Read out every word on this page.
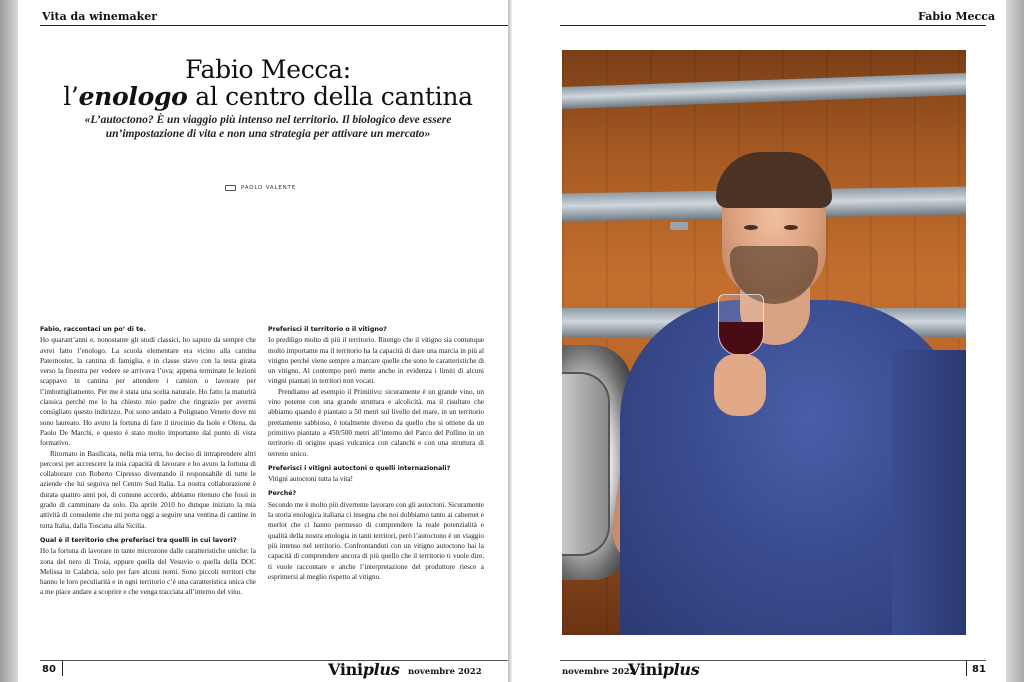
Vita da winemaker	Fabio Mecca
Fabio Mecca:
l’enologo al centro della cantina
«L’autoctono? È un viaggio più intenso nel territorio. Il biologico deve essere un’impostazione di vita e non una strategia per attivare un mercato»
PAOLO VALENTE

Fabio, raccontaci un po’ di te.

Ho quarant’anni e, nonostante gli studi classici, ho saputo da sempre che avrei fatto l’enologo. La scuola elementare era vicino alla cantina Paternoster, la cantina di famiglia, e in classe stavo con la testa girata verso la finestra per vedere se arrivava l’uva; appena terminate le lezioni scappavo in cantina per attendere i camion o lavorare per l’imbottigliamento. Per me è stata una scelta naturale. Ho fatto la maturità classica perché me lo ha chiesto mio padre che ringrazio per avermi consigliato questo indirizzo. Poi sono andato a Polignano Veneto dove mi sono laureato. Ho avuto la fortuna di fare il tirocinio da Isole e Olena, da Paolo De Marchi, e questo è stato molto importante dal punto di vista formativo.

Ritornato in Basilicata, nella mia terra, ho deciso di intraprendere altri percorsi per accrescere la mia capacità di lavorare e ho avuto la fortuna di collaborare con Roberto Cipresso diventando il responsabile di tutte le aziende che lui seguiva nel Centro Sud Italia. La nostra collaborazione è durata quattro anni poi, di comune accordo, abbiamo ritenuto che fossi in grado di camminare da solo. Da aprile 2010 ho dunque iniziato la mia attività di consulente che mi porta oggi a seguire una ventina di cantine in tutta Italia, dalla Toscana alla Sicilia.

Qual è il territorio che preferisci tra quelli in cui lavori?

Ho la fortuna di lavorare in tante microzone dalle caratteristiche uniche: la zona del nero di Troia, oppure quella del Vesuvio o quella della DOC Melissa in Calabria, solo per fare alcuni nomi. Sono piccoli territori che hanno le loro peculiarità e in ogni territorio c’è una caratteristica unica che a me piace andare a scoprire e che venga tracciata all’interno del vino.

Preferisci il territorio o il vitigno?

Io prediligo molto di più il territorio. Ritengo che il vitigno sia comunque molto importante ma il territorio ha la capacità di dare una marcia in più al vitigno perché viene sempre a marcare quelle che sono le caratteristiche di un vitigno. Al contempo però mette anche in evidenza i limiti di alcuni vitigni piantati in territori non vocati.

Prendiamo ad esempio il Primitivo: sicuramente è un grande vino, un vino potente con una grande struttura e alcolicità, ma il risultato che abbiamo quando è piantato a 50 metri sul livello del mare, in un territorio prettamente sabbioso, è totalmente diverso da quello che si ottiene da un primitivo piantato a 450/500 metri all’interno del Parco del Pollino in un territorio di origine quasi vulcanica con calanchi e con una struttura di terreno unico.

Preferisci i vitigni autoctoni o quelli internazionali?

Vitigni autoctoni tutta la vita!

Perché?

Secondo me è molto più divertente lavorare con gli autoctoni. Sicuramente la storia enologica italiana ci insegna che noi dobbiamo tanto ai cabernet e merlot che ci hanno permesso di comprendere la reale potenzialità e qualità della nostra enologia in tanti territori, però l’autoctono è un viaggio più intenso nel territorio. Confrontandoti con un vitigno autoctono hai la capacità di comprendere ancora di più quello che il territorio ti vuole dire, ti vuole raccontare e anche l’interpretazione del produttore riesce a esprimersi al meglio rispetto al vitigno.

80	Viniplus novembre 2022	novembre 2022
Viniplus	81
